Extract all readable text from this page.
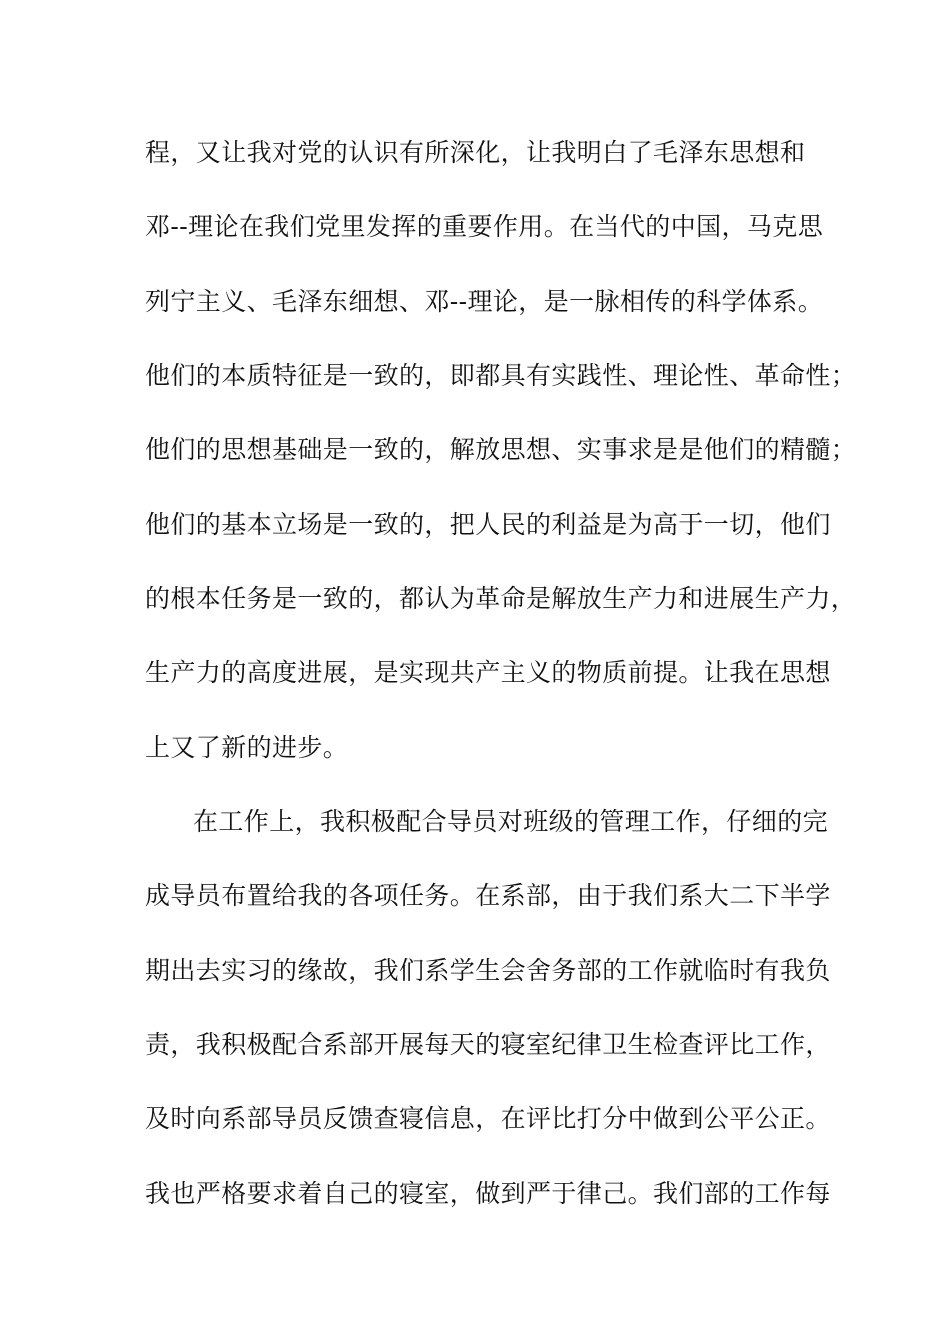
程，又让我对党的认识有所深化，让我明白了毛泽东思想和
邓--理论在我们党里发挥的重要作用。在当代的中国，马克思
列宁主义、毛泽东细想、邓--理论，是一脉相传的科学体系。
他们的本质特征是一致的，即都具有实践性、理论性、革命性；
他们的思想基础是一致的，解放思想、实事求是是他们的精髓；
他们的基本立场是一致的，把人民的利益是为高于一切，他们
的根本任务是一致的，都认为革命是解放生产力和进展生产力，
生产力的高度进展，是实现共产主义的物质前提。让我在思想
上又了新的进步。
在工作上，我积极配合导员对班级的管理工作，仔细的完
成导员布置给我的各项任务。在系部，由于我们系大二下半学
期出去实习的缘故，我们系学生会舍务部的工作就临时有我负
责，我积极配合系部开展每天的寝室纪律卫生检查评比工作，
及时向系部导员反馈查寝信息，在评比打分中做到公平公正。
我也严格要求着自己的寝室，做到严于律己。我们部的工作每
